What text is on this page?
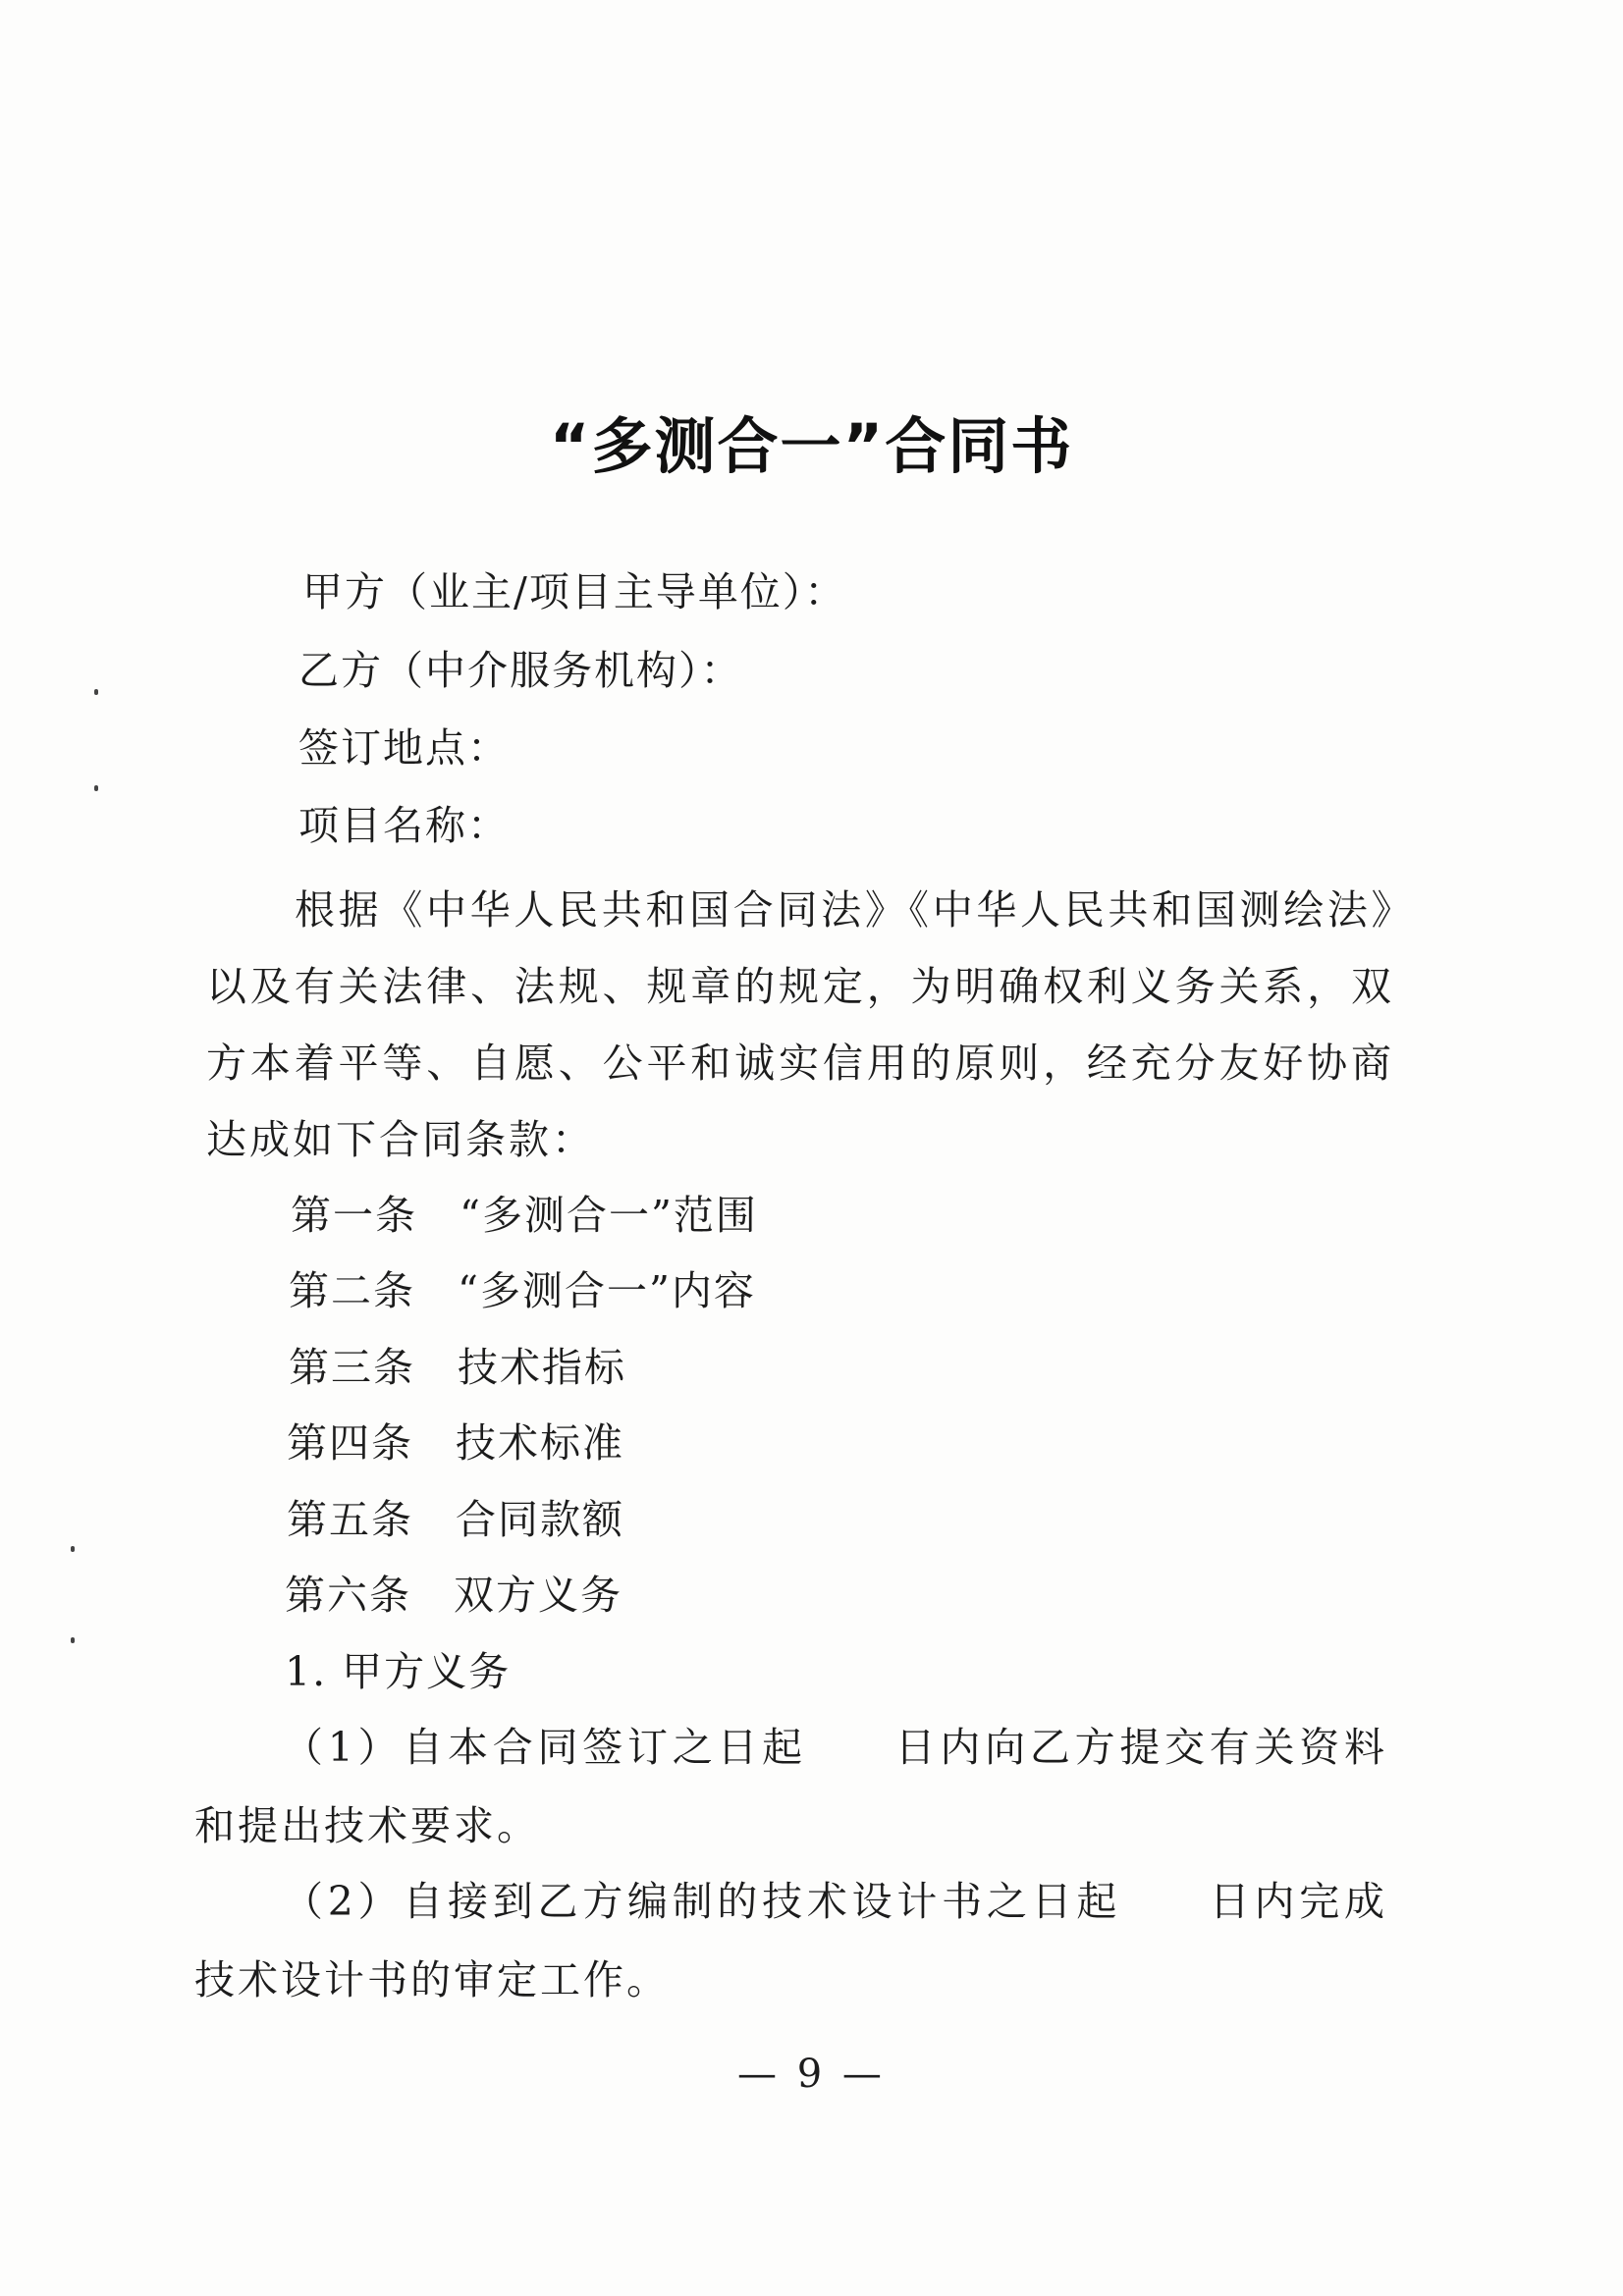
“多测合一”合同书
甲方（业主/项目主导单位）：
乙方（中介服务机构）：
签订地点：
项目名称：
根据《中华人民共和国合同法》《中华人民共和国测绘法》以及有关法律、法规、规章的规定，为明确权利义务关系，双方本着平等、自愿、公平和诚实信用的原则，经充分友好协商达成如下合同条款：
第一条 “多测合一”范围
第二条 “多测合一”内容
第三条 技术指标
第四条 技术标准
第五条 合同款额
第六条 双方义务
1. 甲方义务
（1）自本合同签订之日起 日内向乙方提交有关资料和提出技术要求。
（2）自接到乙方编制的技术设计书之日起 日内完成技术设计书的审定工作。
— 9 —
